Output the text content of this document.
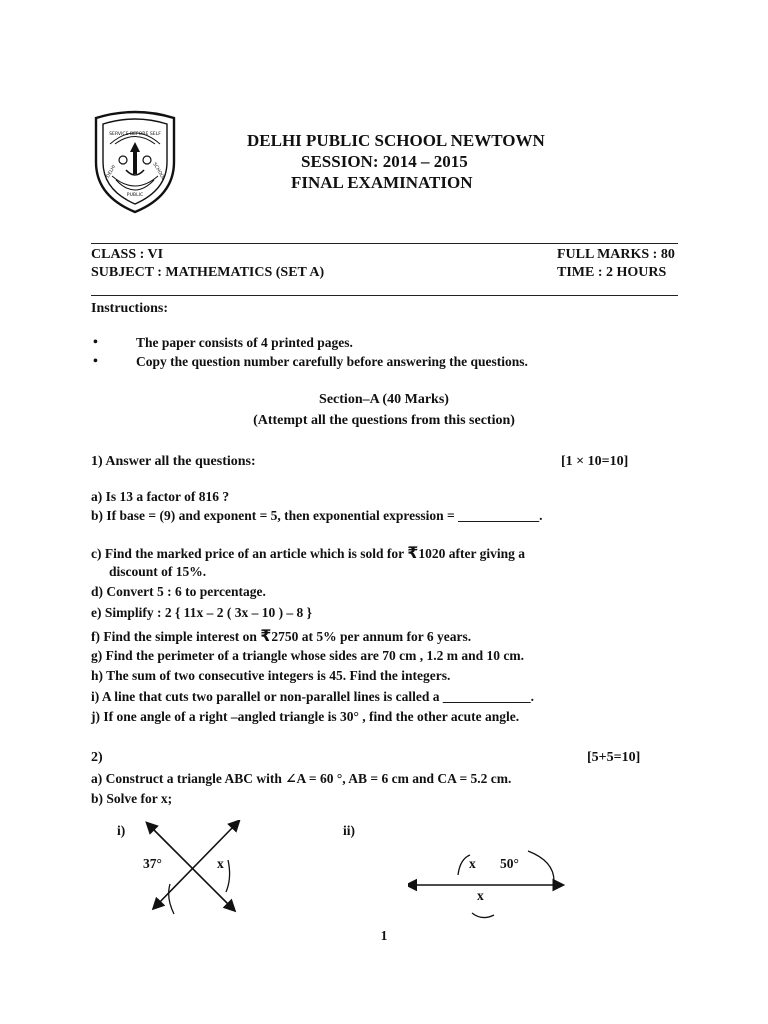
SERVICE BEFORE SELF
DELHI	SCHOOL
PUBLIC
DELHI PUBLIC SCHOOL NEWTOWN
SESSION: 2014 – 2015
FINAL EXAMINATION
CLASS : VI	FULL MARKS : 80
SUBJECT : MATHEMATICS (SET A)	TIME : 2 HOURS
Instructions:
•	The paper consists of 4 printed pages.
•	Copy the question number carefully before answering the questions.
Section–A (40 Marks)
(Attempt all the questions from this section)
1) Answer all the questions:	[1 × 10=10]
a) Is 13 a factor of 816 ?
b) If base = (9) and exponent = 5, then exponential expression = ____________.
c) Find the marked price of an article which is sold for ₹1020 after giving a
discount of 15%.
d) Convert 5 : 6 to percentage.
e) Simplify : 2 { 11x – 2 ( 3x – 10 ) – 8 }
f) Find the simple interest on ₹2750 at 5% per annum for 6 years.
g) Find the perimeter of a triangle whose sides are 70 cm , 1.2 m and 10 cm.
h) The sum of two consecutive integers is 45. Find the integers.
i) A line that cuts two parallel or non-parallel lines is called a _____________.
j) If one angle of a right –angled triangle is 30° , find the other acute angle.
2)	[5+5=10]
a) Construct a triangle ABC with ∠A = 60 °, AB = 6 cm and CA = 5.2 cm.
b) Solve for x;
i)
37°	x
ii)
x 50°
x
1
